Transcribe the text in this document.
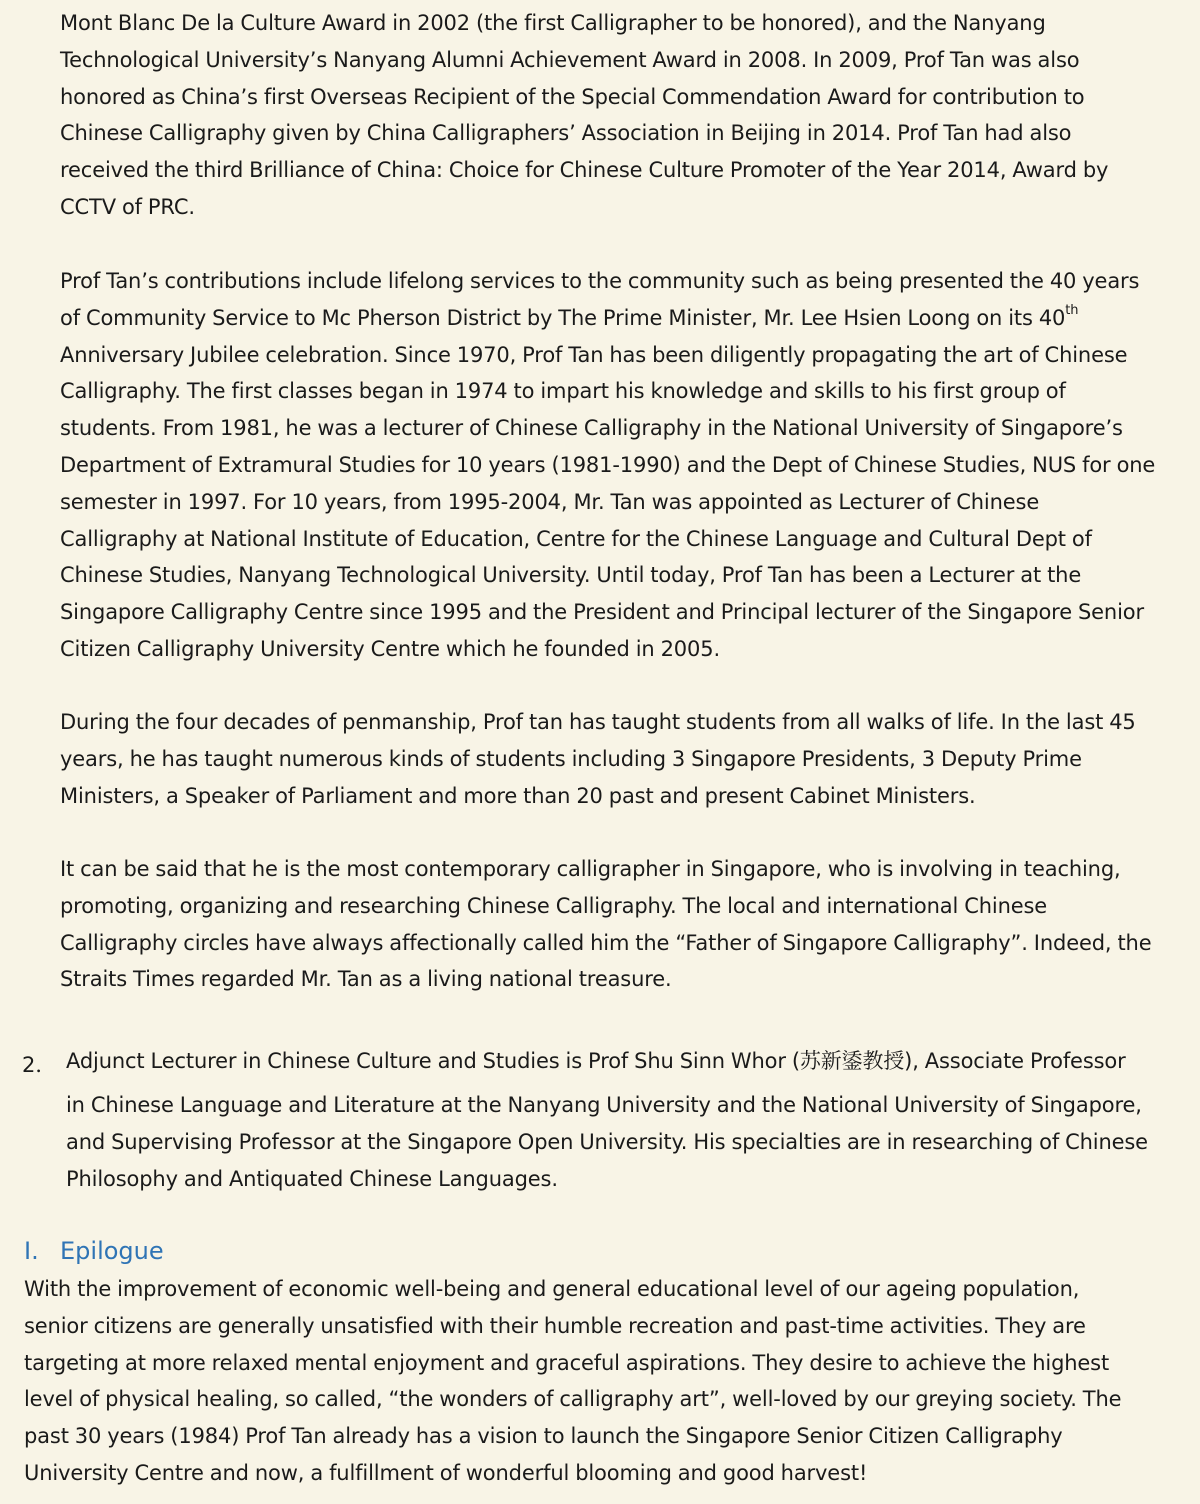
Mont Blanc De la Culture Award in 2002 (the first Calligrapher to be honored), and the Nanyang
Technological University’s Nanyang Alumni Achievement Award in 2008. In 2009, Prof Tan was also
honored as China’s first Overseas Recipient of the Special Commendation Award for contribution to
Chinese Calligraphy given by China Calligraphers’ Association in Beijing in 2014. Prof Tan had also
received the third Brilliance of China: Choice for Chinese Culture Promoter of the Year 2014, Award by
CCTV of PRC.
Prof Tan’s contributions include lifelong services to the community such as being presented the 40 years
of Community Service to Mc Pherson District by The Prime Minister, Mr. Lee Hsien Loong on its 40th
Anniversary Jubilee celebration. Since 1970, Prof Tan has been diligently propagating the art of Chinese
Calligraphy. The first classes began in 1974 to impart his knowledge and skills to his first group of
students. From 1981, he was a lecturer of Chinese Calligraphy in the National University of Singapore’s
Department of Extramural Studies for 10 years (1981-1990) and the Dept of Chinese Studies, NUS for one
semester in 1997. For 10 years, from 1995-2004, Mr. Tan was appointed as Lecturer of Chinese
Calligraphy at National Institute of Education, Centre for the Chinese Language and Cultural Dept of
Chinese Studies, Nanyang Technological University. Until today, Prof Tan has been a Lecturer at the
Singapore Calligraphy Centre since 1995 and the President and Principal lecturer of the Singapore Senior
Citizen Calligraphy University Centre which he founded in 2005.
During the four decades of penmanship, Prof tan has taught students from all walks of life. In the last 45
years, he has taught numerous kinds of students including 3 Singapore Presidents, 3 Deputy Prime
Ministers, a Speaker of Parliament and more than 20 past and present Cabinet Ministers.
It can be said that he is the most contemporary calligrapher in Singapore, who is involving in teaching,
promoting, organizing and researching Chinese Calligraphy. The local and international Chinese
Calligraphy circles have always affectionally called him the “Father of Singapore Calligraphy”. Indeed, the
Straits Times regarded Mr. Tan as a living national treasure.
2． Adjunct Lecturer in Chinese Culture and Studies is Prof Shu Sinn Whor (苏新鋈教授), Associate Professor
in Chinese Language and Literature at the Nanyang University and the National University of Singapore,
and Supervising Professor at the Singapore Open University. His specialties are in researching of Chinese
Philosophy and Antiquated Chinese Languages.
I. Epilogue
With the improvement of economic well-being and general educational level of our ageing population,
senior citizens are generally unsatisfied with their humble recreation and past-time activities. They are
targeting at more relaxed mental enjoyment and graceful aspirations. They desire to achieve the highest
level of physical healing, so called, “the wonders of calligraphy art”, well-loved by our greying society. The
past 30 years (1984) Prof Tan already has a vision to launch the Singapore Senior Citizen Calligraphy
University Centre and now, a fulfillment of wonderful blooming and good harvest!
